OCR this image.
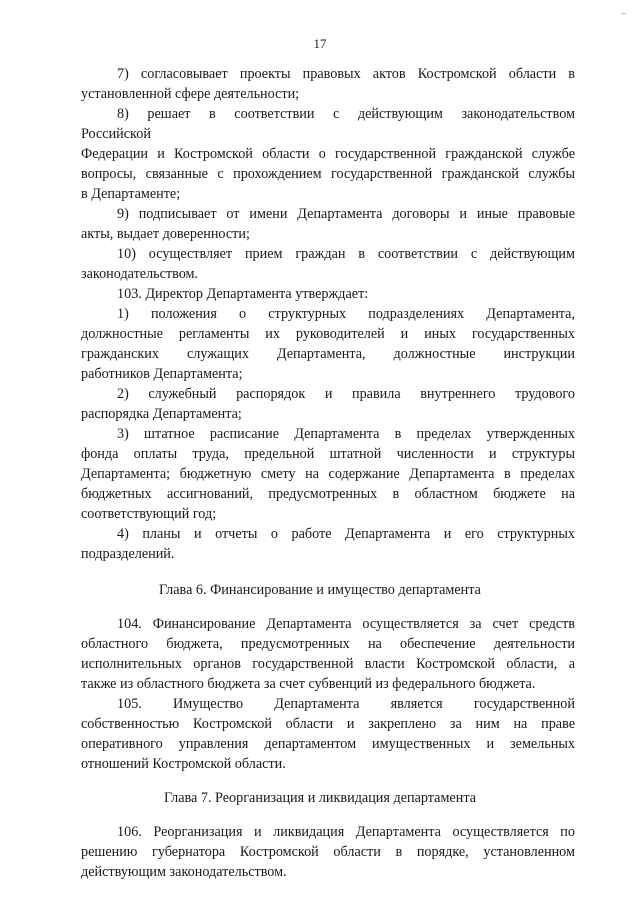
17
–
7) согласовывает проекты правовых актов Костромской области в
установленной сфере деятельности;
8) решает в соответствии с действующим законодательством
Российской
Федерации и Костромской области о государственной гражданской службе
вопросы, связанные с прохождением государственной гражданской службы
в Департаменте;
9) подписывает от имени Департамента договоры и иные правовые
акты, выдает доверенности;
10) осуществляет прием граждан в соответствии с действующим
законодательством.
103. Директор Департамента утверждает:
1) положения о структурных подразделениях Департамента,
должностные регламенты их руководителей и иных государственных
гражданских служащих Департамента, должностные инструкции
работников Департамента;
2) служебный распорядок и правила внутреннего трудового
распорядка Департамента;
3) штатное расписание Департамента в пределах утвержденных
фонда оплаты труда, предельной штатной численности и структуры
Департамента; бюджетную смету на содержание Департамента в пределах
бюджетных ассигнований, предусмотренных в областном бюджете на
соответствующий год;
4) планы и отчеты о работе Департамента и его структурных
подразделений.
Глава 6. Финансирование и имущество департамента
104. Финансирование Департамента осуществляется за счет средств
областного бюджета, предусмотренных на обеспечение деятельности
исполнительных органов государственной власти Костромской области, а
также из областного бюджета за счет субвенций из федерального бюджета.
105. Имущество Департамента является государственной
собственностью Костромской области и закреплено за ним на праве
оперативного управления департаментом имущественных и земельных
отношений Костромской области.
Глава 7. Реорганизация и ликвидация департамента
106. Реорганизация и ликвидация Департамента осуществляется по
решению губернатора Костромской области в порядке, установленном
действующим законодательством.
